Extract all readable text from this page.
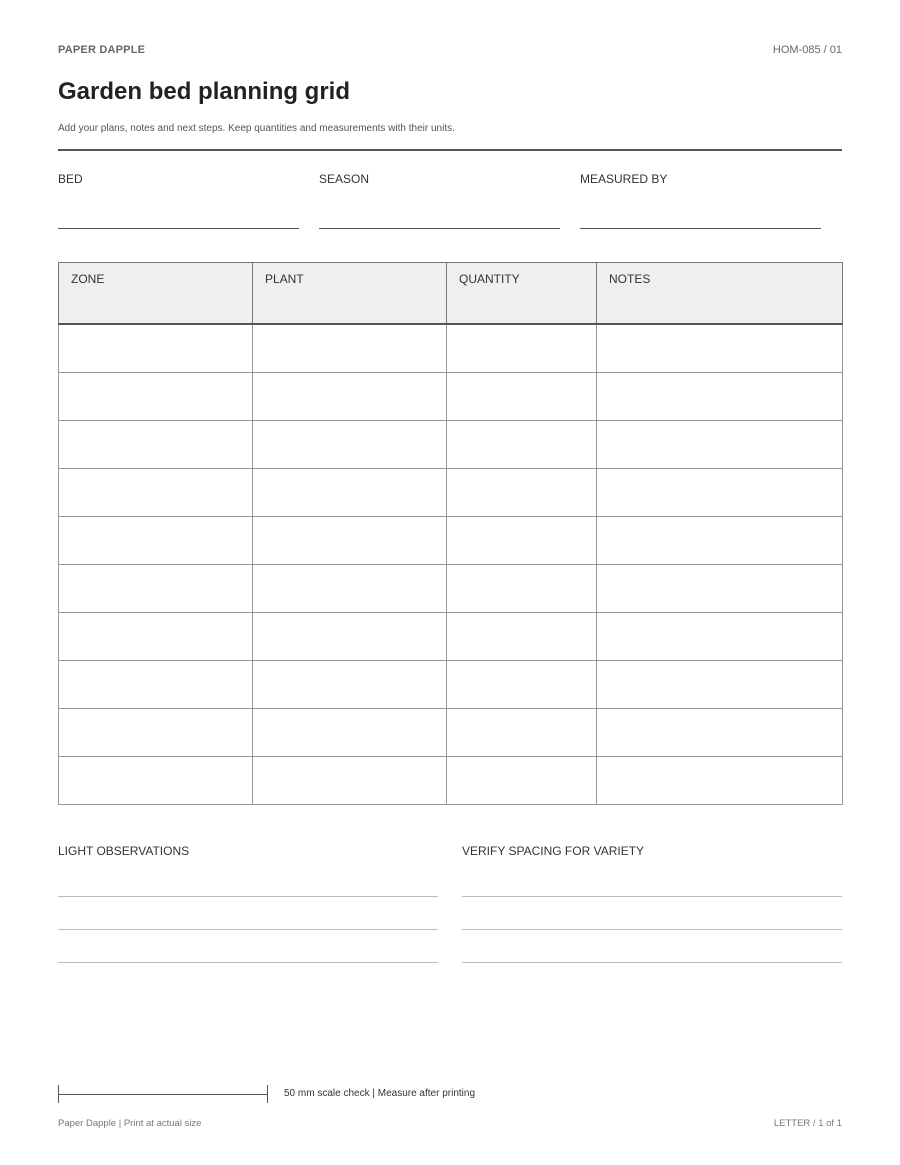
PAPER DAPPLE	HOM-085 / 01
Garden bed planning grid
Add your plans, notes and next steps. Keep quantities and measurements with their units.
BED	SEASON	MEASURED BY
ZONE	PLANT	QUANTITY	NOTES

LIGHT OBSERVATIONS	VERIFY SPACING FOR VARIETY
50 mm scale check | Measure after printing
Paper Dapple | Print at actual size	LETTER / 1 of 1
